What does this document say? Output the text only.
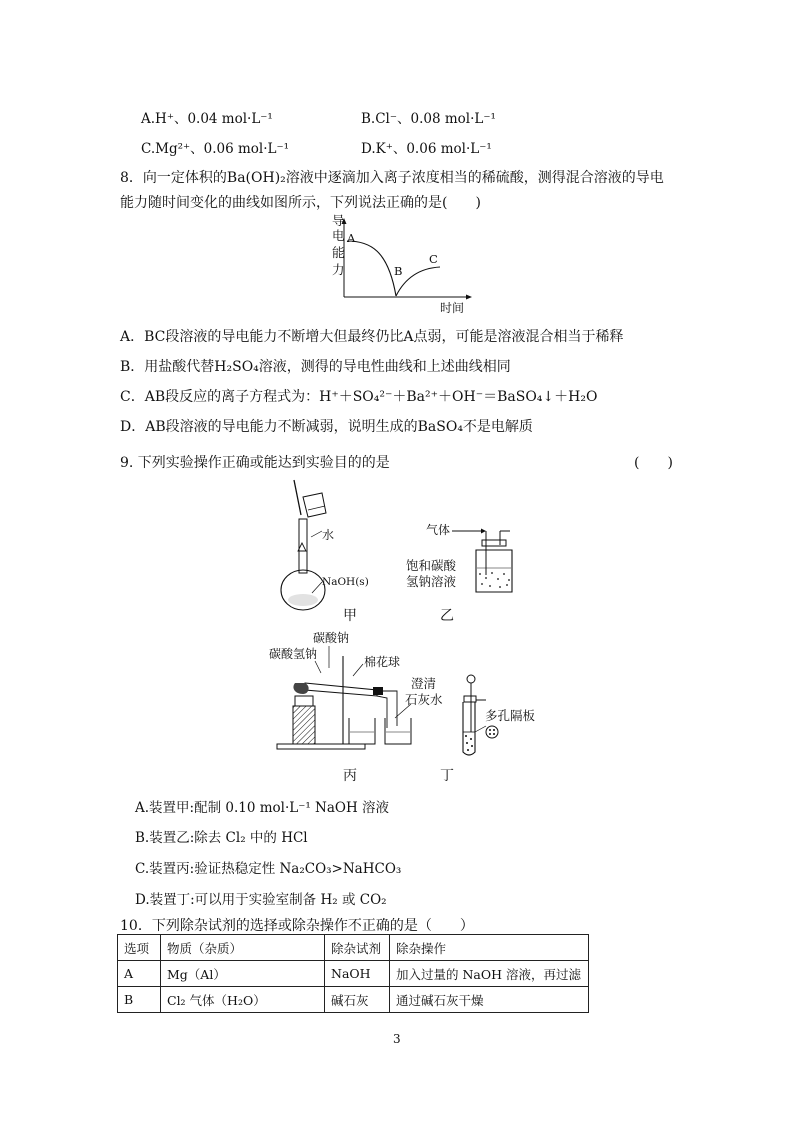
A.H⁺、0.04 mol·L⁻¹	B.Cl⁻、0.08 mol·L⁻¹
C.Mg²⁺、0.06 mol·L⁻¹	D.K⁺、0.06 mol·L⁻¹
8．向一定体积的Ba(OH)₂溶液中逐滴加入离子浓度相当的稀硫酸，测得混合溶液的导电
能力随时间变化的曲线如图所示，下列说法正确的是(　　)
导
电
能
力
A
B
C
时间
A．BC段溶液的导电能力不断增大但最终仍比A点弱，可能是溶液混合相当于稀释
B．用盐酸代替H₂SO₄溶液，测得的导电性曲线和上述曲线相同
C．AB段反应的离子方程式为：H⁺＋SO₄²⁻＋Ba²⁺＋OH⁻＝BaSO₄↓＋H₂O
D．AB段溶液的导电能力不断减弱，说明生成的BaSO₄不是电解质
9. 下列实验操作正确或能达到实验目的的是	(　　)
水
NaOH(s)
甲
气体
饱和碳酸
氢钠溶液
乙
碳酸钠
碳酸氢钠
棉花球
澄清
石灰水
丙
多孔隔板
丁
A.装置甲:配制 0.10 mol·L⁻¹ NaOH 溶液
B.装置乙:除去 Cl₂ 中的 HCl
C.装置丙:验证热稳定性 Na₂CO₃>NaHCO₃
D.装置丁:可以用于实验室制备 H₂ 或 CO₂
10．下列除杂试剂的选择或除杂操作不正确的是（　　）
选项	物质（杂质）	除杂试剂	除杂操作
A	Mg（Al）	NaOH	加入过量的 NaOH 溶液，再过滤
B	Cl₂ 气体（H₂O）	碱石灰	通过碱石灰干燥
3
